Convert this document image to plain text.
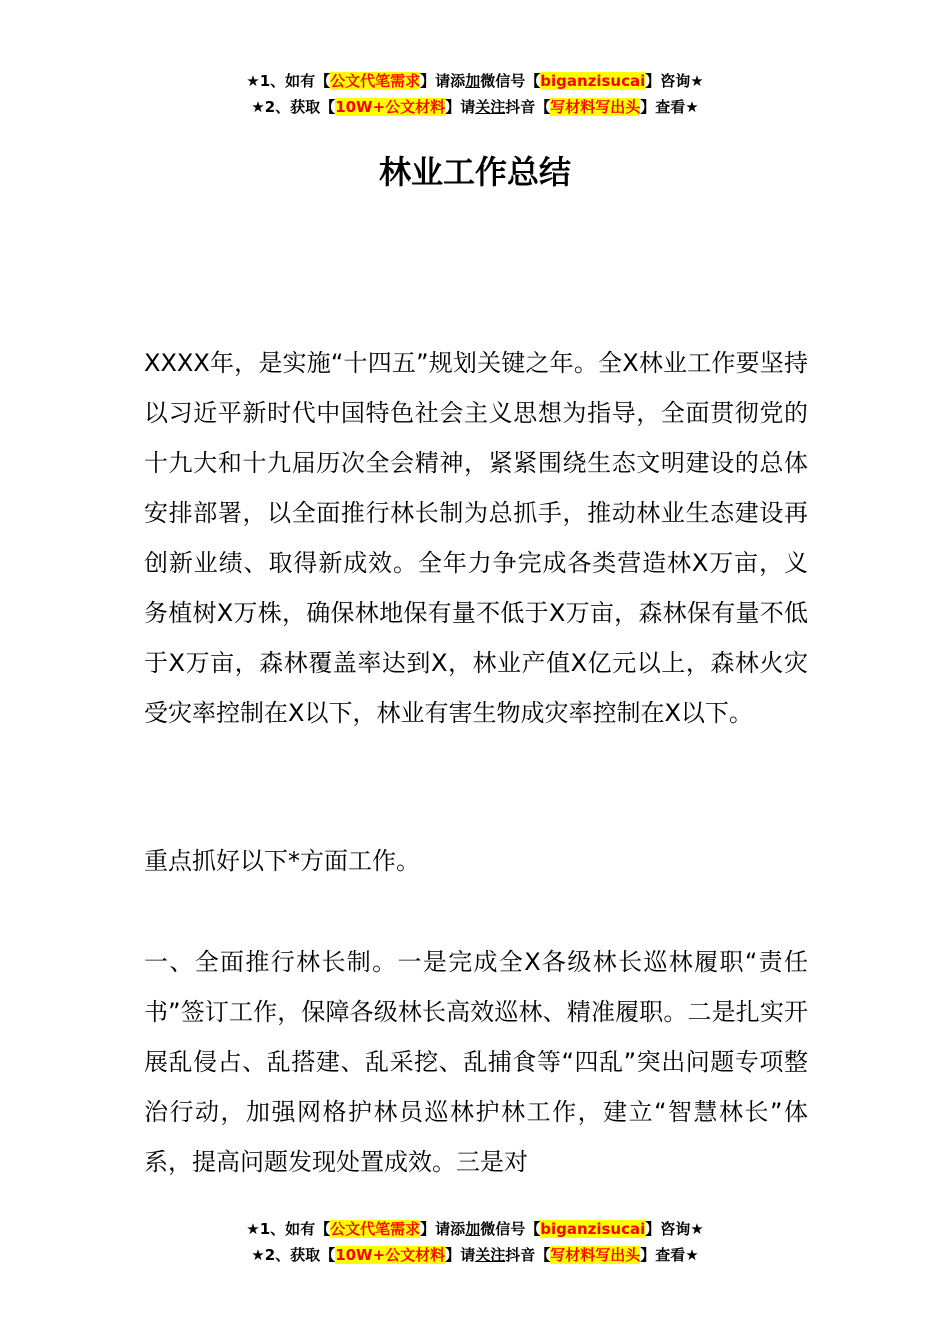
★1、如有【公文代笔需求】请添加微信号【biganzisucai】咨询★
★2、获取【10W+公文材料】请关注抖音【写材料写出头】查看★
林业工作总结

XXXX年，是实施“十四五”规划关键之年。全X林业工作要坚持以习近平新时代中国特色社会主义思想为指导，全面贯彻党的十九大和十九届历次全会精神，紧紧围绕生态文明建设的总体安排部署，以全面推行林长制为总抓手，推动林业生态建设再创新业绩、取得新成效。全年力争完成各类营造林X万亩，义务植树X万株，确保林地保有量不低于X万亩，森林保有量不低于X万亩，森林覆盖率达到X，林业产值X亿元以上，森林火灾受灾率控制在X以下，林业有害生物成灾率控制在X以下。

重点抓好以下*方面工作。

一、全面推行林长制。一是完成全X各级林长巡林履职“责任书”签订工作，保障各级林长高效巡林、精准履职。二是扎实开展乱侵占、乱搭建、乱采挖、乱捕食等“四乱”突出问题专项整治行动，加强网格护林员巡林护林工作，建立“智慧林长”体系，提高问题发现处置成效。三是对

★1、如有【公文代笔需求】请添加微信号【biganzisucai】咨询★
★2、获取【10W+公文材料】请关注抖音【写材料写出头】查看★
